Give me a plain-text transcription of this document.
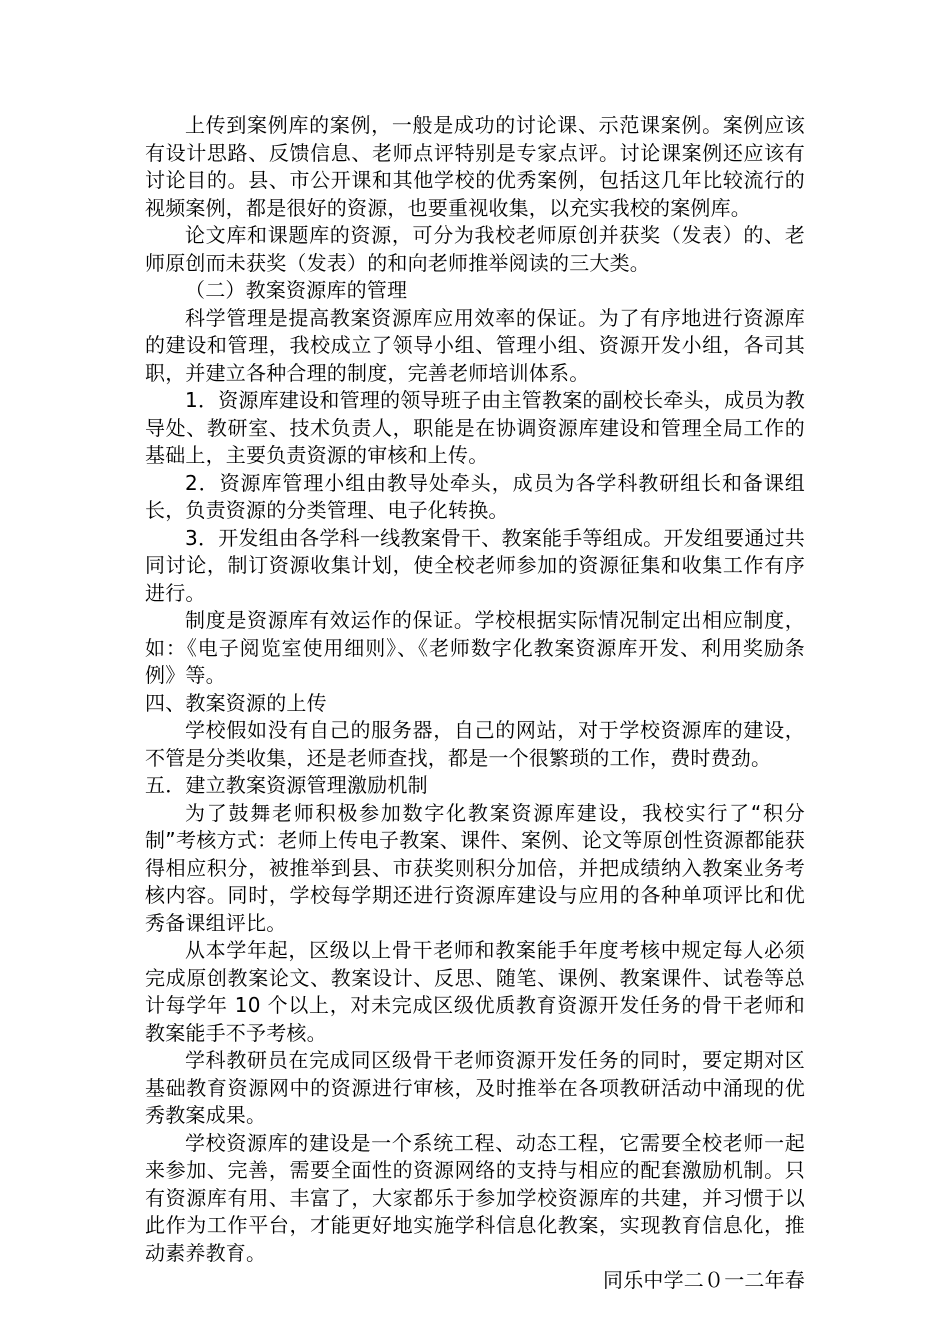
上传到案例库的案例，一般是成功的讨论课、示范课案例。案例应该有设计思路、反馈信息、老师点评特别是专家点评。讨论课案例还应该有讨论目的。县、市公开课和其他学校的优秀案例，包括这几年比较流行的视频案例，都是很好的资源，也要重视收集，以充实我校的案例库。

论文库和课题库的资源，可分为我校老师原创并获奖（发表）的、老师原创而未获奖（发表）的和向老师推举阅读的三大类。

（二）教案资源库的管理

科学管理是提高教案资源库应用效率的保证。为了有序地进行资源库的建设和管理，我校成立了领导小组、管理小组、资源开发小组，各司其职，并建立各种合理的制度，完善老师培训体系。

1．资源库建设和管理的领导班子由主管教案的副校长牵头，成员为教导处、教研室、技术负责人，职能是在协调资源库建设和管理全局工作的基础上，主要负责资源的审核和上传。

2．资源库管理小组由教导处牵头，成员为各学科教研组长和备课组长，负责资源的分类管理、电子化转换。

3．开发组由各学科一线教案骨干、教案能手等组成。开发组要通过共同讨论，制订资源收集计划，使全校老师参加的资源征集和收集工作有序进行。

制度是资源库有效运作的保证。学校根据实际情况制定出相应制度，如：《电子阅览室使用细则》、《老师数字化教案资源库开发、利用奖励条例》等。

四、教案资源的上传

学校假如没有自己的服务器，自己的网站，对于学校资源库的建设，不管是分类收集，还是老师查找，都是一个很繁琐的工作，费时费劲。

五．建立教案资源管理激励机制

为了鼓舞老师积极参加数字化教案资源库建设，我校实行了“积分制”考核方式：老师上传电子教案、课件、案例、论文等原创性资源都能获得相应积分，被推举到县、市获奖则积分加倍，并把成绩纳入教案业务考核内容。同时，学校每学期还进行资源库建设与应用的各种单项评比和优秀备课组评比。

从本学年起，区级以上骨干老师和教案能手年度考核中规定每人必须完成原创教案论文、教案设计、反思、随笔、课例、教案课件、试卷等总计每学年 10 个以上，对未完成区级优质教育资源开发任务的骨干老师和教案能手不予考核。

学科教研员在完成同区级骨干老师资源开发任务的同时，要定期对区基础教育资源网中的资源进行审核，及时推举在各项教研活动中涌现的优秀教案成果。

学校资源库的建设是一个系统工程、动态工程，它需要全校老师一起来参加、完善，需要全面性的资源网络的支持与相应的配套激励机制。只有资源库有用、丰富了，大家都乐于参加学校资源库的共建，并习惯于以此作为工作平台，才能更好地实施学科信息化教案，实现教育信息化，推动素养教育。

同乐中学二０一二年春
